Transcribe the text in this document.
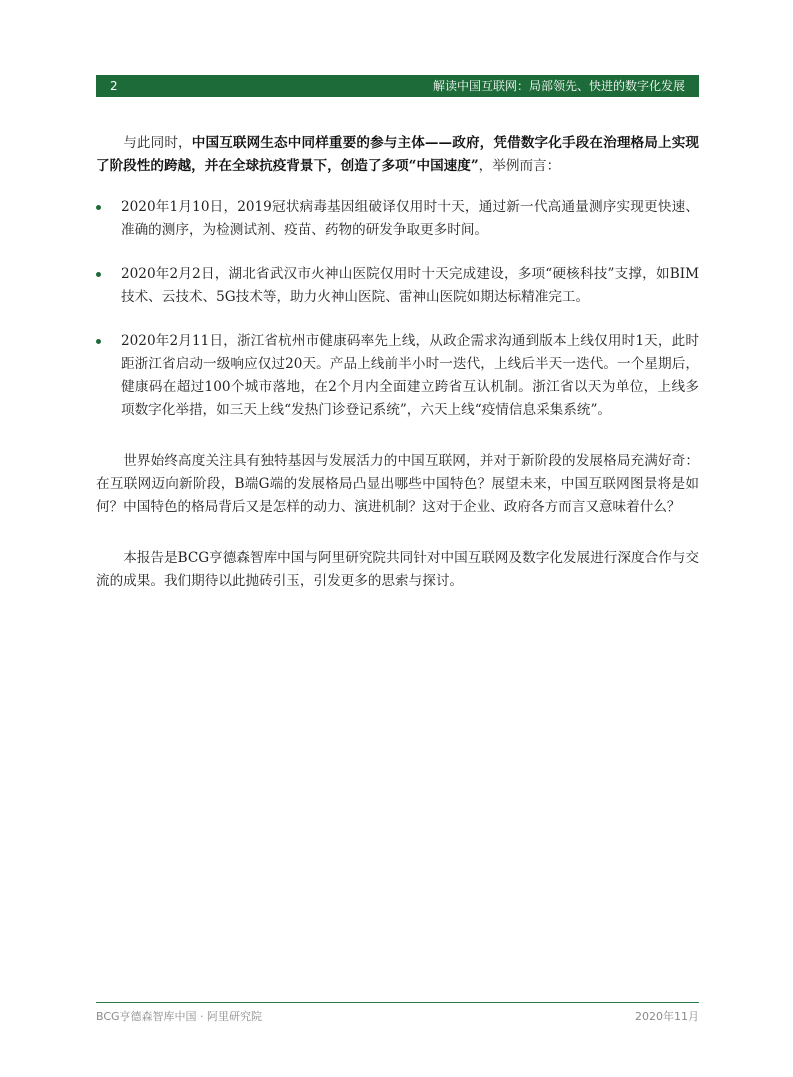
2	解读中国互联网：局部领先、快进的数字化发展

与此同时，中国互联网生态中同样重要的参与主体——政府，凭借数字化手段在治理格局上实现了阶段性的跨越，并在全球抗疫背景下，创造了多项“中国速度”，举例而言：

2020年1月10日，2019冠状病毒基因组破译仅用时十天，通过新一代高通量测序实现更快速、准确的测序，为检测试剂、疫苗、药物的研发争取更多时间。
2020年2月2日，湖北省武汉市火神山医院仅用时十天完成建设，多项“硬核科技”支撑，如BIM技术、云技术、5G技术等，助力火神山医院、雷神山医院如期达标精准完工。
2020年2月11日，浙江省杭州市健康码率先上线，从政企需求沟通到版本上线仅用时1天，此时距浙江省启动一级响应仅过20天。产品上线前半小时一迭代，上线后半天一迭代。一个星期后，健康码在超过100个城市落地，在2个月内全面建立跨省互认机制。浙江省以天为单位，上线多项数字化举措，如三天上线“发热门诊登记系统”，六天上线“疫情信息采集系统”。

世界始终高度关注具有独特基因与发展活力的中国互联网，并对于新阶段的发展格局充满好奇：在互联网迈向新阶段，B端G端的发展格局凸显出哪些中国特色？展望未来，中国互联网图景将是如何？中国特色的格局背后又是怎样的动力、演进机制？这对于企业、政府各方而言又意味着什么？

本报告是BCG亨德森智库中国与阿里研究院共同针对中国互联网及数字化发展进行深度合作与交流的成果。我们期待以此抛砖引玉，引发更多的思索与探讨。

BCG亨德森智库中国 · 阿里研究院	2020年11月
